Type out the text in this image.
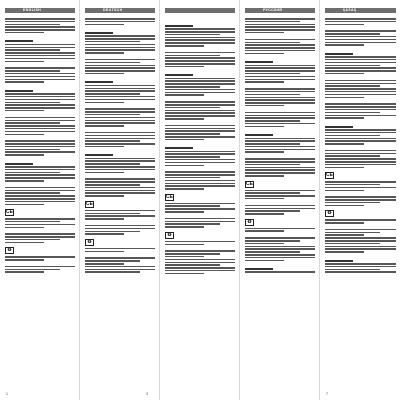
ENGLISH
CE
♻
1
DEUTSCH
CE
♻
3
CE
♻
РУССКИЙ
CE
♻
ҚАЗАҚ
CE
♻
7
